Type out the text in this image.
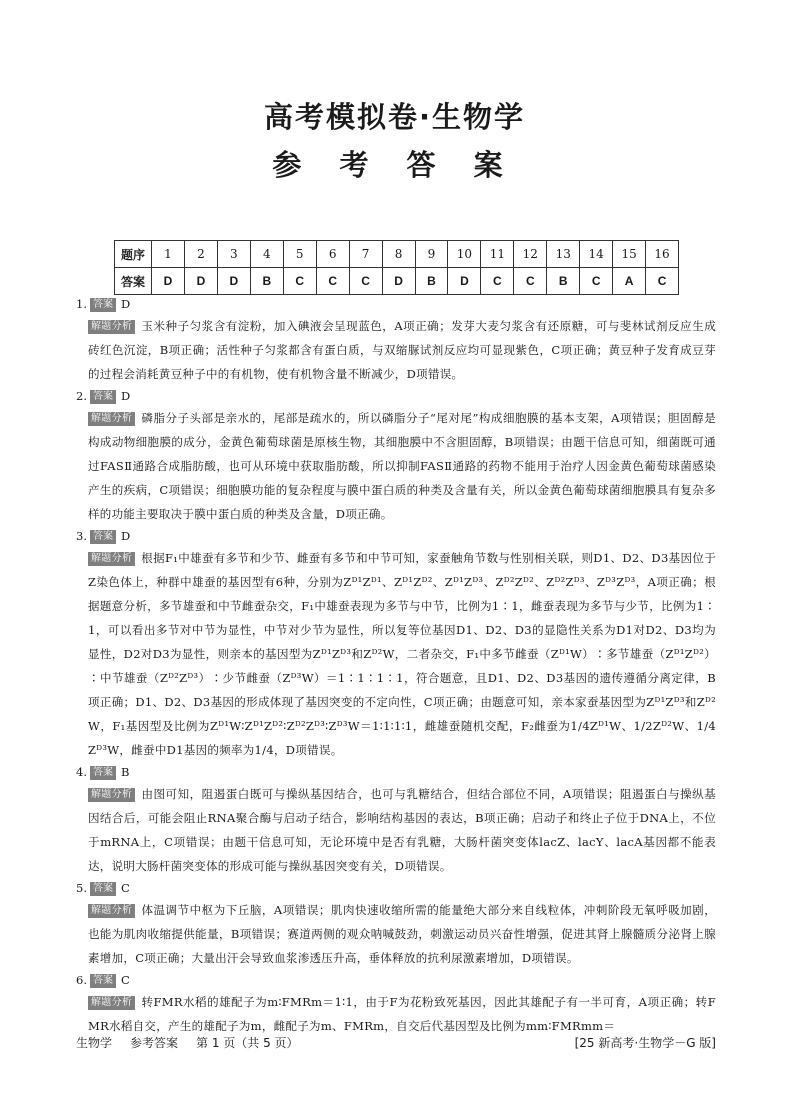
高考模拟卷·生物学
参 考 答 案
题序	1	2	3	4	5	6	7	8	9	10	11	12	13	14	15	16
答案	D	D	D	B	C	C	C	D	B	D	C	C	B	C	A	C
1. 答案 D
解题分析 玉米种子匀浆含有淀粉，加入碘液会呈现蓝色，A项正确；发芽大麦匀浆含有还原糖，可与斐林试剂反应生成砖红色沉淀，B项正确；活性种子匀浆都含有蛋白质，与双缩脲试剂反应均可显现紫色，C项正确；黄豆种子发育成豆芽的过程会消耗黄豆种子中的有机物，使有机物含量不断减少，D项错误。
2. 答案 D
解题分析 磷脂分子头部是亲水的，尾部是疏水的，所以磷脂分子“尾对尾”构成细胞膜的基本支架，A项错误；胆固醇是构成动物细胞膜的成分，金黄色葡萄球菌是原核生物，其细胞膜中不含胆固醇，B项错误；由题干信息可知，细菌既可通过FASⅡ通路合成脂肪酸，也可从环境中获取脂肪酸，所以抑制FASⅡ通路的药物不能用于治疗人因金黄色葡萄球菌感染产生的疾病，C项错误；细胞膜功能的复杂程度与膜中蛋白质的种类及含量有关，所以金黄色葡萄球菌细胞膜具有复杂多样的功能主要取决于膜中蛋白质的种类及含量，D项正确。
3. 答案 D
解题分析 根据F₁中雄蚕有多节和少节、雌蚕有多节和中节可知，家蚕触角节数与性别相关联，则D1、D2、D3基因位于Z染色体上，种群中雄蚕的基因型有6种，分别为Zᴰ¹Zᴰ¹、Zᴰ¹Zᴰ²、Zᴰ¹Zᴰ³、Zᴰ²Zᴰ²、Zᴰ²Zᴰ³、Zᴰ³Zᴰ³，A项正确；根据题意分析，多节雄蚕和中节雌蚕杂交，F₁中雄蚕表现为多节与中节，比例为1∶1，雌蚕表现为多节与少节，比例为1∶1，可以看出多节对中节为显性，中节对少节为显性，所以复等位基因D1、D2、D3的显隐性关系为D1对D2、D3均为显性，D2对D3为显性，则亲本的基因型为Zᴰ¹Zᴰ³和Zᴰ²W，二者杂交，F₁中多节雌蚕（Zᴰ¹W）∶多节雄蚕（Zᴰ¹Zᴰ²）∶中节雄蚕（Zᴰ²Zᴰ³）∶少节雌蚕（Zᴰ³W）＝1∶1∶1∶1，符合题意，且D1、D2、D3基因的遗传遵循分离定律，B项正确；D1、D2、D3基因的形成体现了基因突变的不定向性，C项正确；由题意可知，亲本家蚕基因型为Zᴰ¹Zᴰ³和Zᴰ²W，F₁基因型及比例为Zᴰ¹W∶Zᴰ¹Zᴰ²∶Zᴰ²Zᴰ³∶Zᴰ³W＝1∶1∶1∶1，雌雄蚕随机交配，F₂雌蚕为1/4Zᴰ¹W、1/2Zᴰ²W、1/4Zᴰ³W，雌蚕中D1基因的频率为1/4，D项错误。
4. 答案 B
解题分析 由图可知，阻遏蛋白既可与操纵基因结合，也可与乳糖结合，但结合部位不同，A项错误；阻遏蛋白与操纵基因结合后，可能会阻止RNA聚合酶与启动子结合，影响结构基因的表达，B项正确；启动子和终止子位于DNA上，不位于mRNA上，C项错误；由题干信息可知，无论环境中是否有乳糖，大肠杆菌突变体lacZ、lacY、lacA基因都不能表达，说明大肠杆菌突变体的形成可能与操纵基因突变有关，D项错误。
5. 答案 C
解题分析 体温调节中枢为下丘脑，A项错误；肌肉快速收缩所需的能量绝大部分来自线粒体，冲刺阶段无氧呼吸加剧，也能为肌肉收缩提供能量，B项错误；赛道两侧的观众呐喊鼓劲，刺激运动员兴奋性增强，促进其肾上腺髓质分泌肾上腺素增加，C项正确；大量出汗会导致血浆渗透压升高，垂体释放的抗利尿激素增加，D项错误。
6. 答案 C
解题分析 转FMR水稻的雄配子为m∶FMRm＝1∶1，由于F为花粉致死基因，因此其雄配子有一半可育，A项正确；转FMR水稻自交，产生的雄配子为m，雌配子为m、FMRm，自交后代基因型及比例为mm∶FMRmm＝
生物学 参考答案 第 1 页（共 5 页）	[25 新高考·生物学－G 版]
